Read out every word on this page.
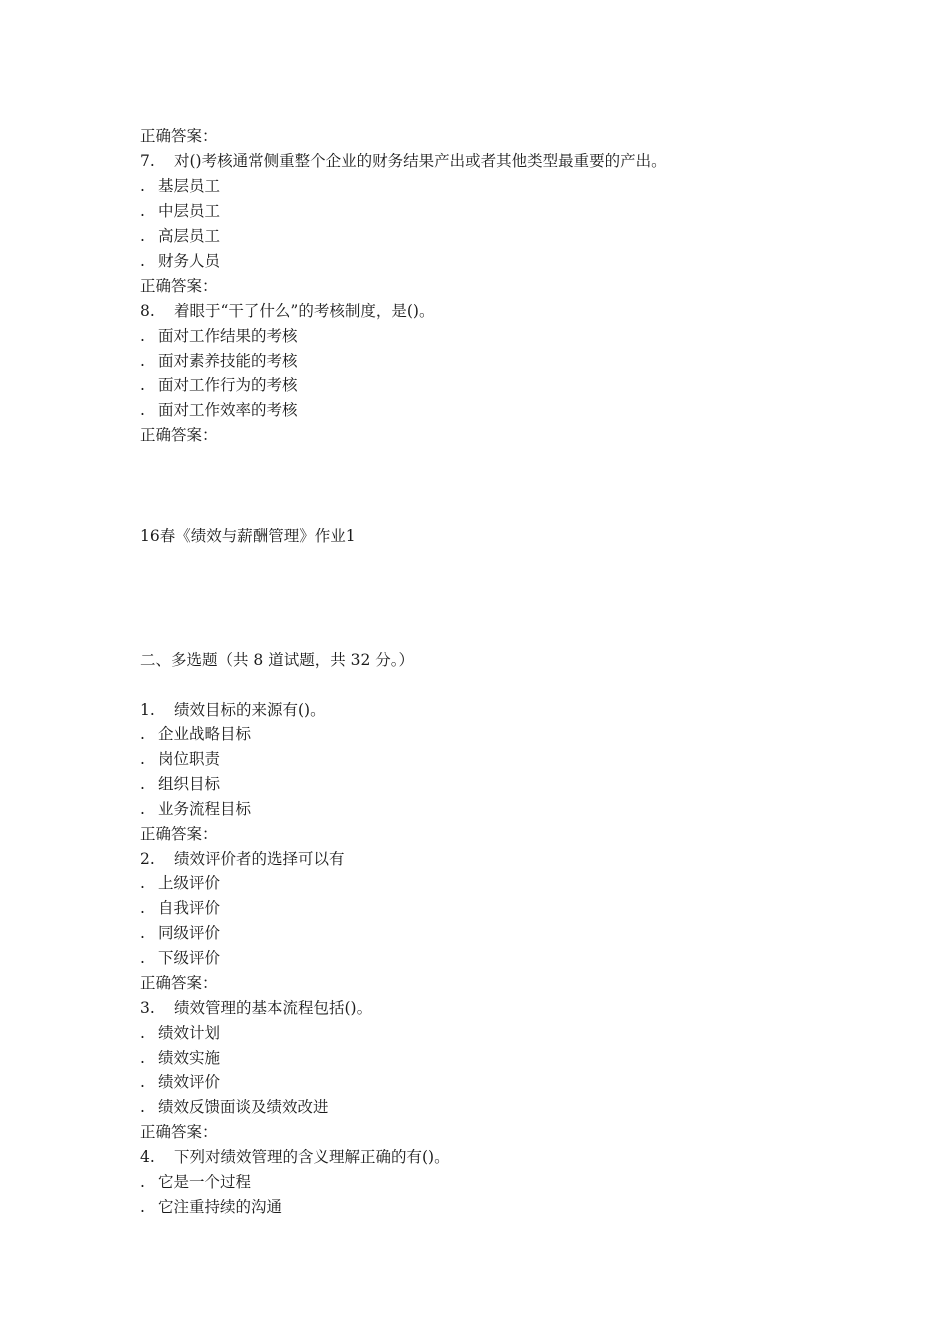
正确答案：
7. 对()考核通常侧重整个企业的财务结果产出或者其他类型最重要的产出。
. 基层员工
. 中层员工
. 高层员工
. 财务人员
正确答案：
8. 着眼于“干了什么”的考核制度，是()。
. 面对工作结果的考核
. 面对素养技能的考核
. 面对工作行为的考核
. 面对工作效率的考核
正确答案：
16春《绩效与薪酬管理》作业1
二、多选题（共 8 道试题，共 32 分。）
1. 绩效目标的来源有()。
. 企业战略目标
. 岗位职责
. 组织目标
. 业务流程目标
正确答案：
2. 绩效评价者的选择可以有
. 上级评价
. 自我评价
. 同级评价
. 下级评价
正确答案：
3. 绩效管理的基本流程包括()。
. 绩效计划
. 绩效实施
. 绩效评价
. 绩效反馈面谈及绩效改进
正确答案：
4. 下列对绩效管理的含义理解正确的有()。
. 它是一个过程
. 它注重持续的沟通
